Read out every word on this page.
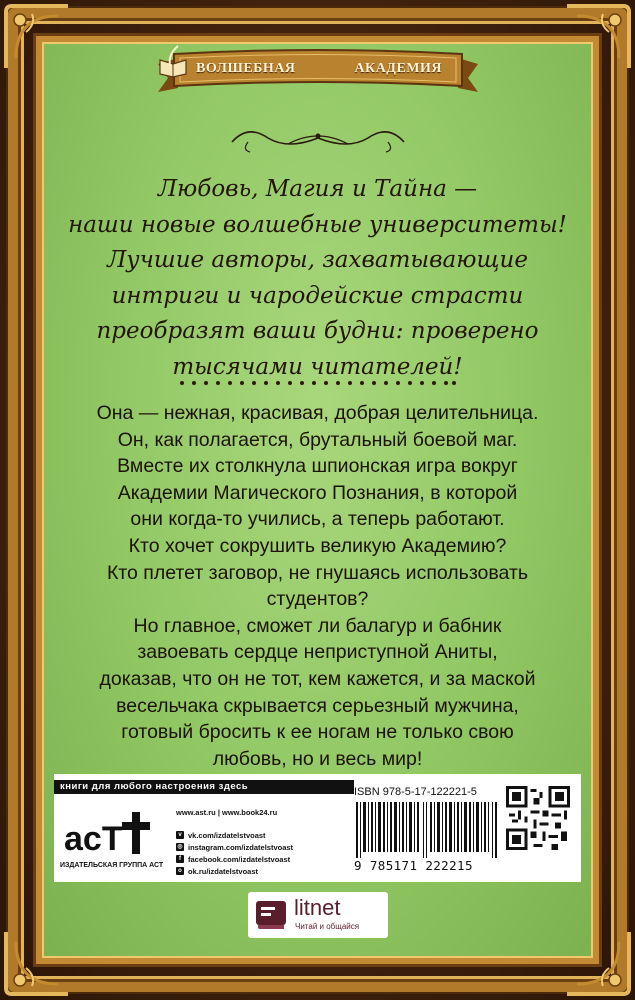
ВОЛШЕБНАЯ	АКАДЕМИЯ
Любовь, Магия и Тайна —
наши новые волшебные университеты!
Лучшие авторы, захватывающие
интриги и чародейские страсти
преобразят ваши будни: проверено
тысячами читателей!
Она — нежная, красивая, добрая целительница.
Он, как полагается, брутальный боевой маг.
Вместе их столкнула шпионская игра вокруг
Академии Магического Познания, в которой
они когда-то учились, а теперь работают.
Кто хочет сокрушить великую Академию?
Кто плетет заговор, не гнушаясь использовать
студентов?
Но главное, сможет ли балагур и бабник
завоевать сердце неприступной Аниты,
доказав, что он не тот, кем кажется, и за маской
весельчака скрывается серьезный мужчина,
готовый бросить к ее ногам не только свою
любовь, но и весь мир!
книги для любого настроения здесь
acT
ИЗДАТЕЛЬСКАЯ ГРУППА АСТ
www.ast.ru | www.book24.ru
v vk.com/izdatelstvoast
◎ instagram.com/izdatelstvoast
f facebook.com/izdatelstvoast
o ok.ru/izdatelstvoast
ISBN 978-5-17-122221-5
9 785171 222215
litnet
Читай и общайся
